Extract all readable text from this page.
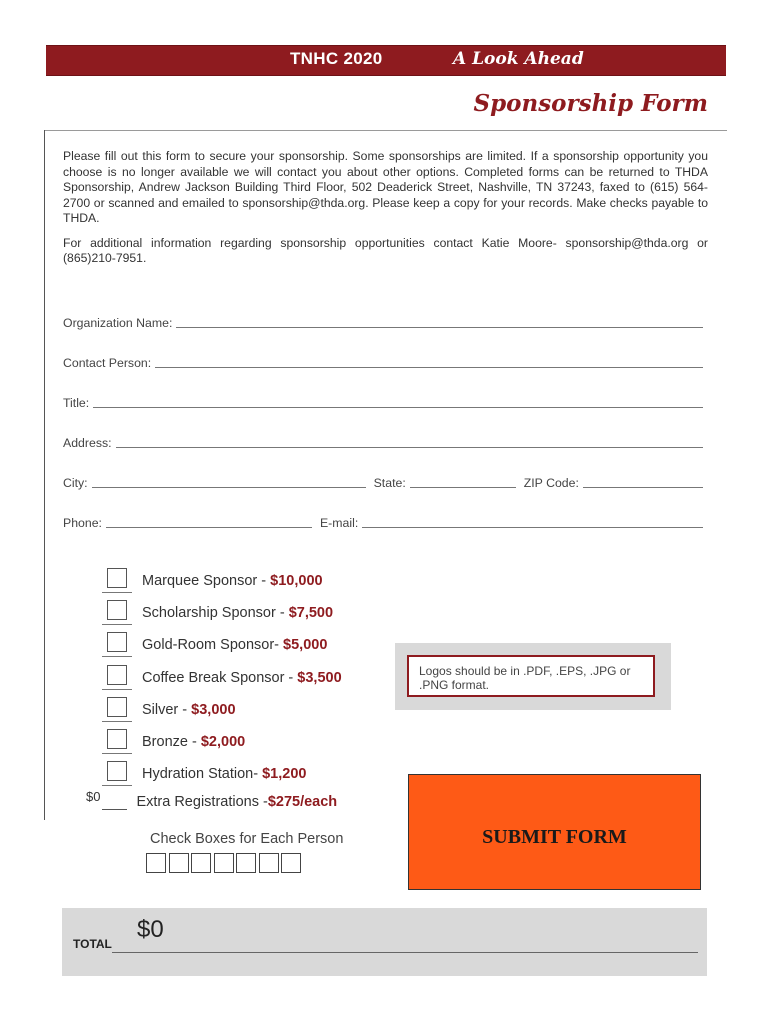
TNHC 2020	A Look Ahead
Sponsorship Form

Please fill out this form to secure your sponsorship. Some sponsorships are limited. If a sponsorship opportunity you choose is no longer available we will contact you about other options. Completed forms can be returned to THDA Sponsorship, Andrew Jackson Building Third Floor, 502 Deaderick Street, Nashville, TN 37243, faxed to (615) 564-2700 or scanned and emailed to sponsorship@thda.org. Please keep a copy for your records. Make checks payable to THDA.

For additional information regarding sponsorship opportunities contact Katie Moore- sponsorship@thda.org or (865)210-7951.

Organization Name:
Contact Person:
Title:
Address:
City:	State:	ZIP Code:
Phone:	E-mail:
Marquee Sponsor - $10,000
Scholarship Sponsor - $7,500
Gold-Room Sponsor- $5,000
Coffee Break Sponsor - $3,500
Silver - $3,000
Bronze - $2,000
Hydration Station- $1,200
$0 Extra Registrations - $275/each
Check Boxes for Each Person
Logos should be in .PDF, .EPS, .JPG or .PNG format.
SUBMIT FORM
TOTAL
$0
